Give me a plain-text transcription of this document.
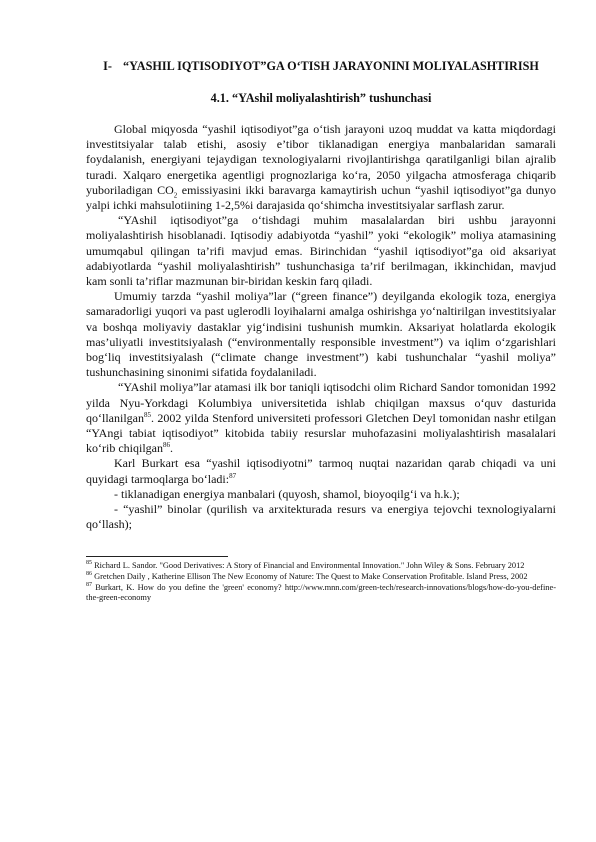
I- “YASHIL IQTISODIYOT”GA O‘TISH JARAYONINI MOLIYALASHTIRISH
4.1. “YAshil moliyalashtirish” tushunchasi

Global miqyosda “yashil iqtisodiyot”ga o‘tish jarayoni uzoq muddat va katta miqdordagi investitsiyalar talab etishi, asosiy e’tibor tiklanadigan energiya manbalaridan samarali foydalanish, energiyani tejaydigan texnologiyalarni rivojlantirishga qaratilganligi bilan ajralib turadi. Xalqaro energetika agentligi prognozlariga ko‘ra, 2050 yilgacha atmosferaga chiqarib yuboriladigan $CO_2$ emissiyasini ikki baravarga kamaytirish uchun “yashil iqtisodiyot”ga dunyo yalpi ichki mahsulotiining 1-2,5%i darajasida qo‘shimcha investitsiyalar sarflash zarur.

“YAshil iqtisodiyot”ga o‘tishdagi muhim masalalardan biri ushbu jarayonni moliyalashtirish hisoblanadi. Iqtisodiy adabiyotda “yashil” yoki “ekologik” moliya atamasining umumqabul qilingan ta’rifi mavjud emas. Birinchidan “yashil iqtisodiyot”ga oid aksariyat adabiyotlarda “yashil moliyalashtirish” tushunchasiga ta’rif berilmagan, ikkinchidan, mavjud kam sonli ta’riflar mazmunan bir-biridan keskin farq qiladi.

Umumiy tarzda “yashil moliya”lar (“green finance”) deyilganda ekologik toza, energiya samaradorligi yuqori va past uglerodli loyihalarni amalga oshirishga yo‘naltirilgan investitsiyalar va boshqa moliyaviy dastaklar yig‘indisini tushunish mumkin. Aksariyat holatlarda ekologik mas’uliyatli investitsiyalash (“environmentally responsible investment”) va iqlim o‘zgarishlari bog‘liq investitsiyalash (“climate change investment”) kabi tushunchalar “yashil moliya” tushunchasining sinonimi sifatida foydalaniladi.

“YAshil moliya”lar atamasi ilk bor taniqli iqtisodchi olim Richard Sandor tomonidan 1992 yilda Nyu-Yorkdagi Kolumbiya universitetida ishlab chiqilgan maxsus o‘quv dasturida qo‘llanilgan$^{85}$. 2002 yilda Stenford universiteti professori Gletchen Deyl tomonidan nashr etilgan “YAngi tabiat iqtisodiyot” kitobida tabiiy resurslar muhofazasini moliyalashtirish masalalari ko‘rib chiqilgan$^{86}$.

Karl Burkart esa “yashil iqtisodiyotni” tarmoq nuqtai nazaridan qarab chiqadi va uni quyidagi tarmoqlarga bo‘ladi:$^{87}$

- tiklanadigan energiya manbalari (quyosh, shamol, bioyoqilg‘i va h.k.);

- “yashil” binolar (qurilish va arxitekturada resurs va energiya tejovchi texnologiyalarni qo‘llash);

$^{85}$ Richard L. Sandor. "Good Derivatives: A Story of Financial and Environmental Innovation." John Wiley & Sons. February 2012

$^{86}$ Gretchen Daily , Katherine Ellison The New Economy of Nature: The Quest to Make Conservation Profitable. Island Press, 2002

$^{87}$ Burkart, K. How do you define the 'green' economy? http://www.mnn.com/green-tech/research-innovations/blogs/how-do-you-define-the-green-economy
